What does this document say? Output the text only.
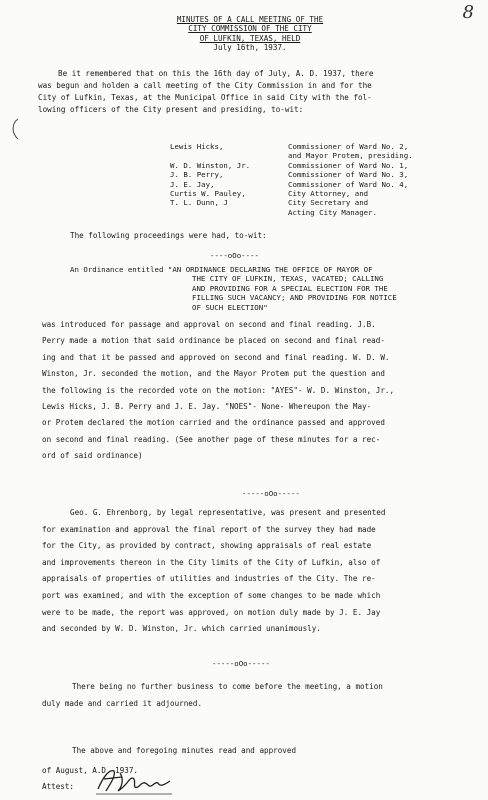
8
MINUTES OF A CALL MEETING OF THE
CITY COMMISSION OF THE CITY
OF LUFKIN, TEXAS, HELD
July 16th, 1937.
Be it remembered that on this the 16th day of July, A. D. 1937, there
was begun and holden a call meeting of the City Commission in and for the
City of Lufkin, Texas, at the Municipal Office in said City with the fol-
lowing officers of the City present and presiding, to-wit:
Lewis Hicks,	Commissioner of Ward No. 2,
and Mayor Protem, presiding.
W. D. Winston, Jr.	Commissioner of Ward No. 1,
J. B. Perry,	Commissioner of Ward No. 3,
J. E. Jay,	Commissioner of Ward No. 4,
Curtis W. Pauley,	City Attorney, and
T. L. Dunn, J	City Secretary and
Acting City Manager.
The following proceedings were had, to-wit:
----oOo----
An Ordinance entitled "AN ORDINANCE DECLARING THE OFFICE OF MAYOR OF
THE CITY OF LUFKIN, TEXAS, VACATED; CALLING
AND PROVIDING FOR A SPECIAL ELECTION FOR THE
FILLING SUCH VACANCY; AND PROVIDING FOR NOTICE
OF SUCH ELECTION"
was introduced for passage and approval on second and final reading. J.B.
Perry made a motion that said ordinance be placed on second and final read-
ing and that it be passed and approved on second and final reading. W. D. W.
Winston, Jr. seconded the motion, and the Mayor Protem put the question and
the following is the recorded vote on the motion: "AYES"- W. D. Winston, Jr.,
Lewis Hicks, J. B. Perry and J. E. Jay. "NOES"- None- Whereupon the May-
or Protem declared the motion carried and the ordinance passed and approved
on second and final reading. (See another page of these minutes for a rec-
ord of said ordinance)
-----oOo-----
Geo. G. Ehrenborg, by legal representative, was present and presented
for examination and approval the final report of the survey they had made
for the City, as provided by contract, showing appraisals of real estate
and improvements thereon in the City limits of the City of Lufkin, also of
appraisals of properties of utilities and industries of the City. The re-
port was examined, and with the exception of some changes to be made which
were to be made, the report was approved, on motion duly made by J. E. Jay
and seconded by W. D. Winston, Jr. which carried unanimously.
-----oOo-----
There being no further business to come before the meeting, a motion
duly made and carried it adjourned.
The above and foregoing minutes read and approved
of August, A.D. 1937.
Attest:
